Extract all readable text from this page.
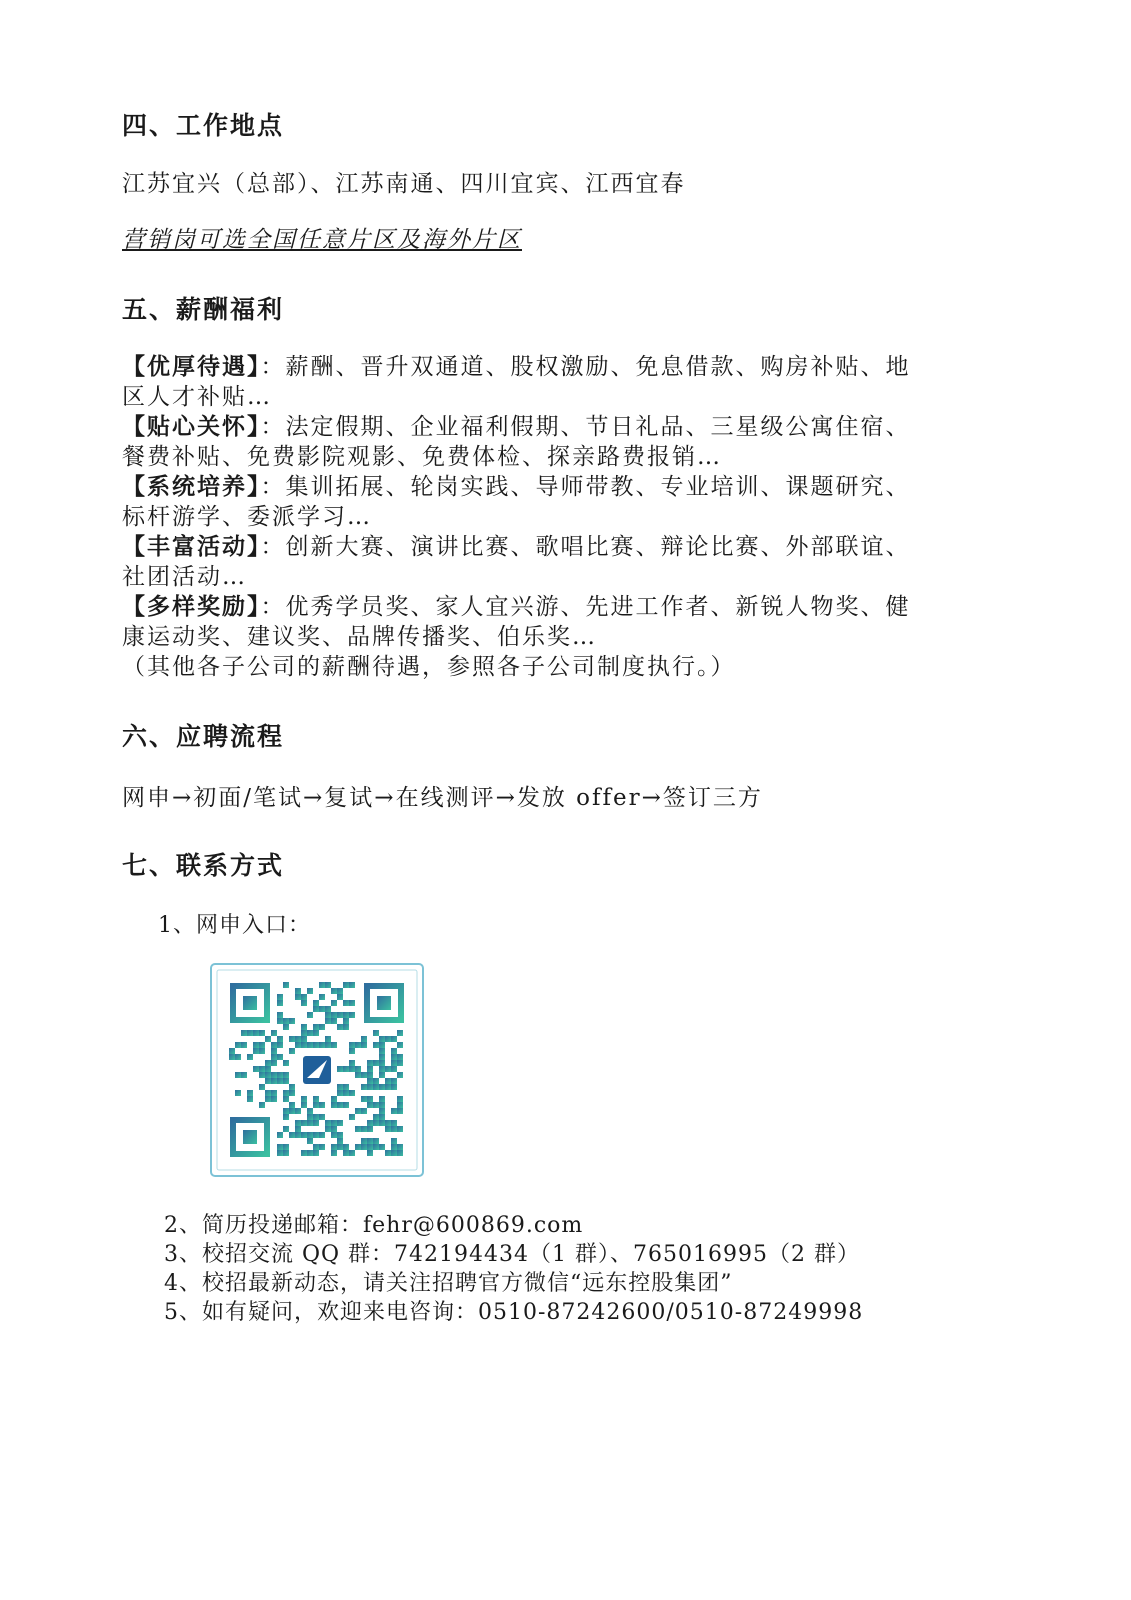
四、工作地点
江苏宜兴（总部）、江苏南通、四川宜宾、江西宜春
营销岗可选全国任意片区及海外片区
五、薪酬福利
【优厚待遇】：薪酬、晋升双通道、股权激励、免息借款、购房补贴、地
区人才补贴…
【贴心关怀】：法定假期、企业福利假期、节日礼品、三星级公寓住宿、
餐费补贴、免费影院观影、免费体检、探亲路费报销…
【系统培养】：集训拓展、轮岗实践、导师带教、专业培训、课题研究、
标杆游学、委派学习…
【丰富活动】：创新大赛、演讲比赛、歌唱比赛、辩论比赛、外部联谊、
社团活动…
【多样奖励】：优秀学员奖、家人宜兴游、先进工作者、新锐人物奖、健
康运动奖、建议奖、品牌传播奖、伯乐奖…
（其他各子公司的薪酬待遇，参照各子公司制度执行。）
六、应聘流程
网申→初面/笔试→复试→在线测评→发放 offer→签订三方
七、联系方式
1、网申入口：
2、简历投递邮箱：fehr@600869.com
3、校招交流 QQ 群：742194434（1 群）、765016995（2 群）
4、校招最新动态，请关注招聘官方微信“远东控股集团”
5、如有疑问，欢迎来电咨询：0510-87242600/0510-87249998
